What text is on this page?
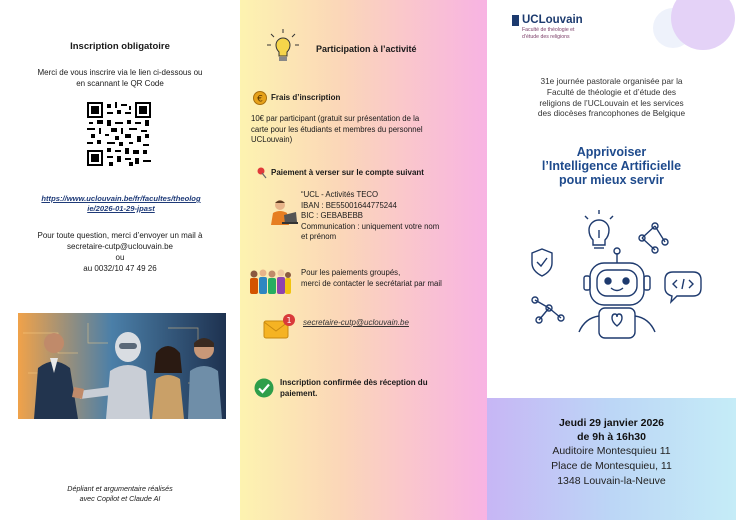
Inscription obligatoire
Merci de vous inscrire via le lien ci-dessous ou
en scannant le QR Code
https://www.uclouvain.be/fr/facultes/theolog
ie/2026-01-29-jpast
Pour toute question, merci d’envoyer un mail à
secretaire-cutp@uclouvain.be
ou
au 0032/10 47 49 26
Dépliant et argumentaire réalisés
avec Copilot et Claude AI
Participation à l’activité
€ Frais d’inscription
10€ par participant (gratuit sur présentation de la
carte pour les étudiants et membres du personnel
UCLouvain)
Paiement à verser sur le compte suivant
“UCL - Activités TECO
IBAN : BE55001644775244
BIC : GEBABEBB
Communication : uniquement votre nom
et prénom
Pour les paiements groupés,
merci de contacter le secrétariat par mail
1 secretaire-cutp@uclouvain.be
Inscription confirmée dès réception du
paiement.
UCLouvain
Faculté de théologie et
d’étude des religions
31e journée pastorale organisée par la
Faculté de théologie et d’étude des
religions de l’UCLouvain et les services
des diocèses francophones de Belgique
Apprivoiser
l’Intelligence Artificielle
pour mieux servir
Jeudi 29 janvier 2026
de 9h à 16h30
Auditoire Montesquieu 11
Place de Montesquieu, 11
1348 Louvain-la-Neuve
